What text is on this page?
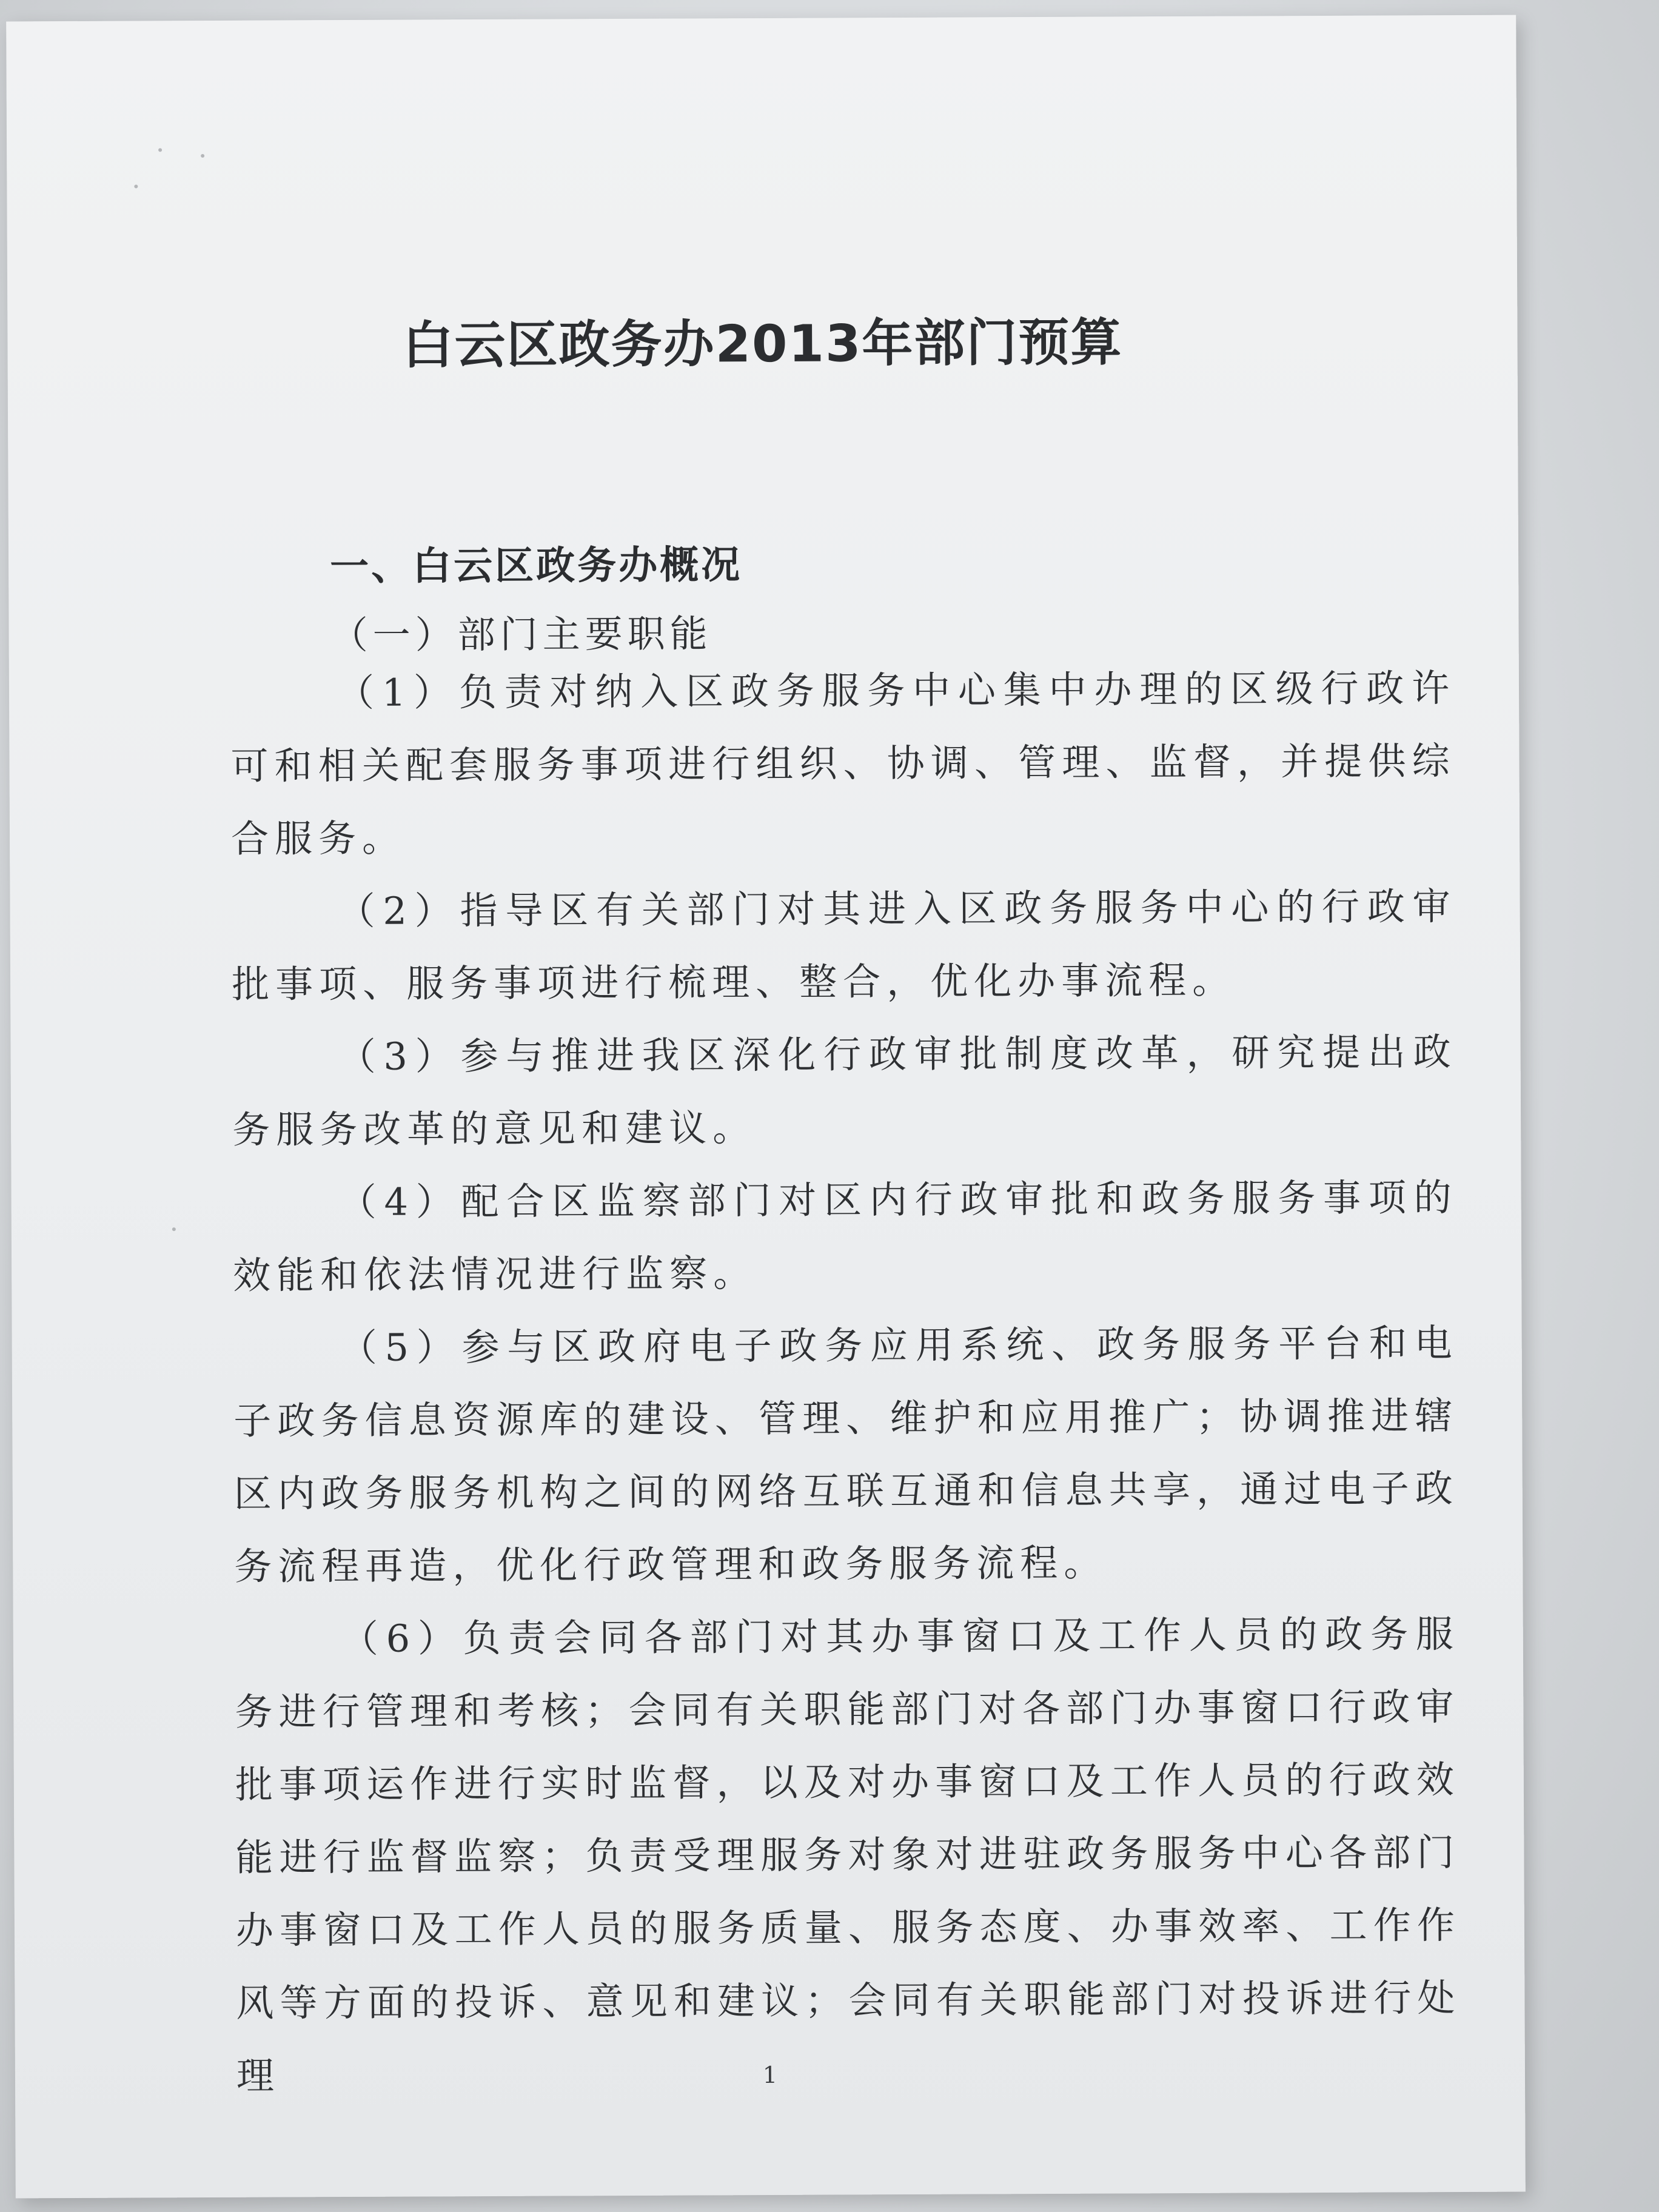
白云区政务办2013年部门预算
一、白云区政务办概况
（一）部门主要职能

（1）负责对纳入区政务服务中心集中办理的区级行政许可和相关配套服务事项进行组织、协调、管理、监督，并提供综合服务。

（2）指导区有关部门对其进入区政务服务中心的行政审批事项、服务事项进行梳理、整合，优化办事流程。

（3）参与推进我区深化行政审批制度改革，研究提出政务服务改革的意见和建议。

（4）配合区监察部门对区内行政审批和政务服务事项的效能和依法情况进行监察。

（5）参与区政府电子政务应用系统、政务服务平台和电子政务信息资源库的建设、管理、维护和应用推广；协调推进辖区内政务服务机构之间的网络互联互通和信息共享，通过电子政务流程再造，优化行政管理和政务服务流程。

（6）负责会同各部门对其办事窗口及工作人员的政务服务进行管理和考核；会同有关职能部门对各部门办事窗口行政审批事项运作进行实时监督，以及对办事窗口及工作人员的行政效能进行监督监察；负责受理服务对象对进驻政务服务中心各部门办事窗口及工作人员的服务质量、服务态度、办事效率、工作作风等方面的投诉、意见和建议；会同有关职能部门对投诉进行处理	1
